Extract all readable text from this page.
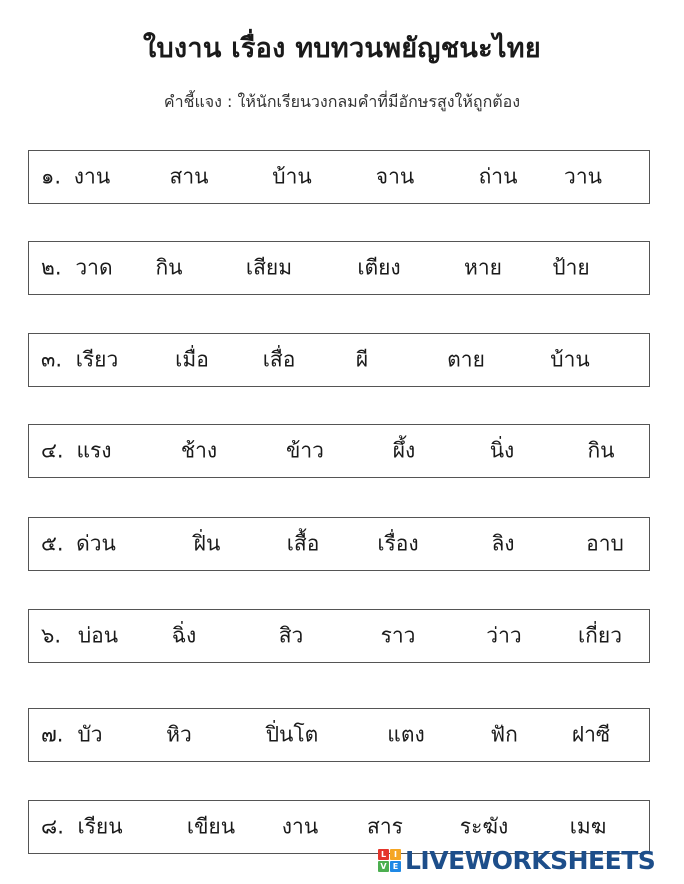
ใบงาน เรื่อง ทบทวนพยัญชนะไทย
คำชี้แจง : ให้นักเรียนวงกลมคำที่มีอักษรสูงให้ถูกต้อง
๑. งาน	สาน	บ้าน	จาน	ถ่าน วาน
๒. วาด กิน	เสียม	เตียง	หาย ป้าย
๓. เรียว	เมื่อ	เสื่อ	ผี	ตาย	บ้าน
๔. แรง	ช้าง	ข้าว	ผึ้ง	นิ่ง	กิน
๕. ด่วน	ฝิ่น	เสื้อ	เรื่อง	ลิง	อาบ
๖. บ่อน	ฉิ่ง	สิว	ราว	ว่าว	เกี่ยว
๗. บัว	หิว	ปิ่นโต	แตง	ฟัก	ฝาซี
๘. เรียน	เขียน งาน สาร	ระฆัง	เมฆ
L I
V E LIVEWORKSHEETS
